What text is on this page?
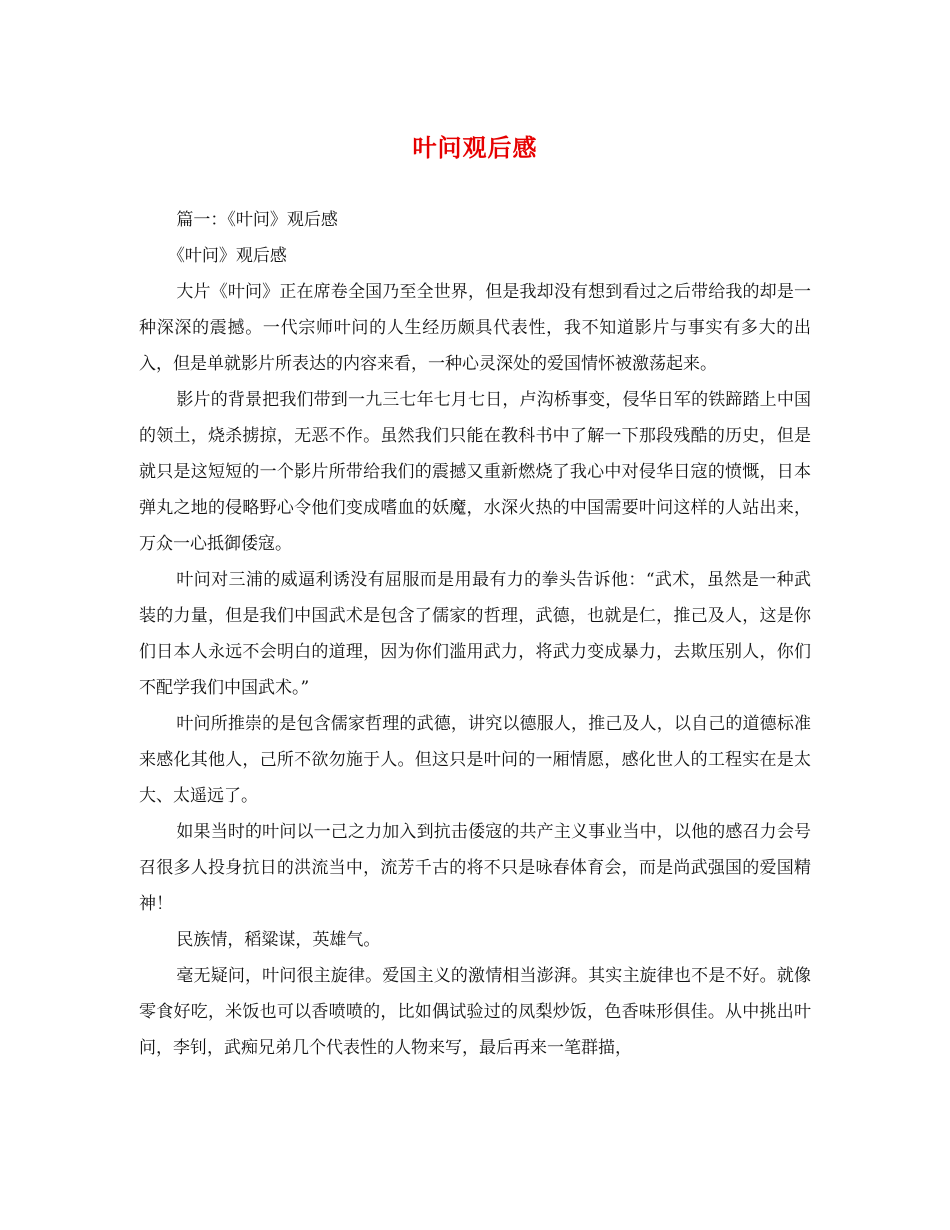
叶问观后感

篇一：《叶问》观后感

《叶问》观后感

大片《叶问》正在席卷全国乃至全世界，但是我却没有想到看过之后带给我的却是一种深深的震撼。一代宗师叶问的人生经历颇具代表性，我不知道影片与事实有多大的出入，但是单就影片所表达的内容来看，一种心灵深处的爱国情怀被激荡起来。

影片的背景把我们带到一九三七年七月七日，卢沟桥事变，侵华日军的铁蹄踏上中国的领土，烧杀掳掠，无恶不作。虽然我们只能在教科书中了解一下那段残酷的历史，但是就只是这短短的一个影片所带给我们的震撼又重新燃烧了我心中对侵华日寇的愤慨，日本弹丸之地的侵略野心令他们变成嗜血的妖魔，水深火热的中国需要叶问这样的人站出来，万众一心抵御倭寇。

叶问对三浦的威逼利诱没有屈服而是用最有力的拳头告诉他：“武术，虽然是一种武装的力量，但是我们中国武术是包含了儒家的哲理，武德，也就是仁，推己及人，这是你们日本人永远不会明白的道理，因为你们滥用武力，将武力变成暴力，去欺压别人，你们不配学我们中国武术。”

叶问所推崇的是包含儒家哲理的武德，讲究以德服人，推己及人，以自己的道德标准来感化其他人，己所不欲勿施于人。但这只是叶问的一厢情愿，感化世人的工程实在是太大、太遥远了。

如果当时的叶问以一己之力加入到抗击倭寇的共产主义事业当中，以他的感召力会号召很多人投身抗日的洪流当中，流芳千古的将不只是咏春体育会，而是尚武强国的爱国精神！

民族情，稻粱谋，英雄气。

毫无疑问，叶问很主旋律。爱国主义的激情相当澎湃。其实主旋律也不是不好。就像零食好吃，米饭也可以香喷喷的，比如偶试验过的凤梨炒饭，色香味形俱佳。从中挑出叶问，李钊，武痴兄弟几个代表性的人物来写，最后再来一笔群描，
